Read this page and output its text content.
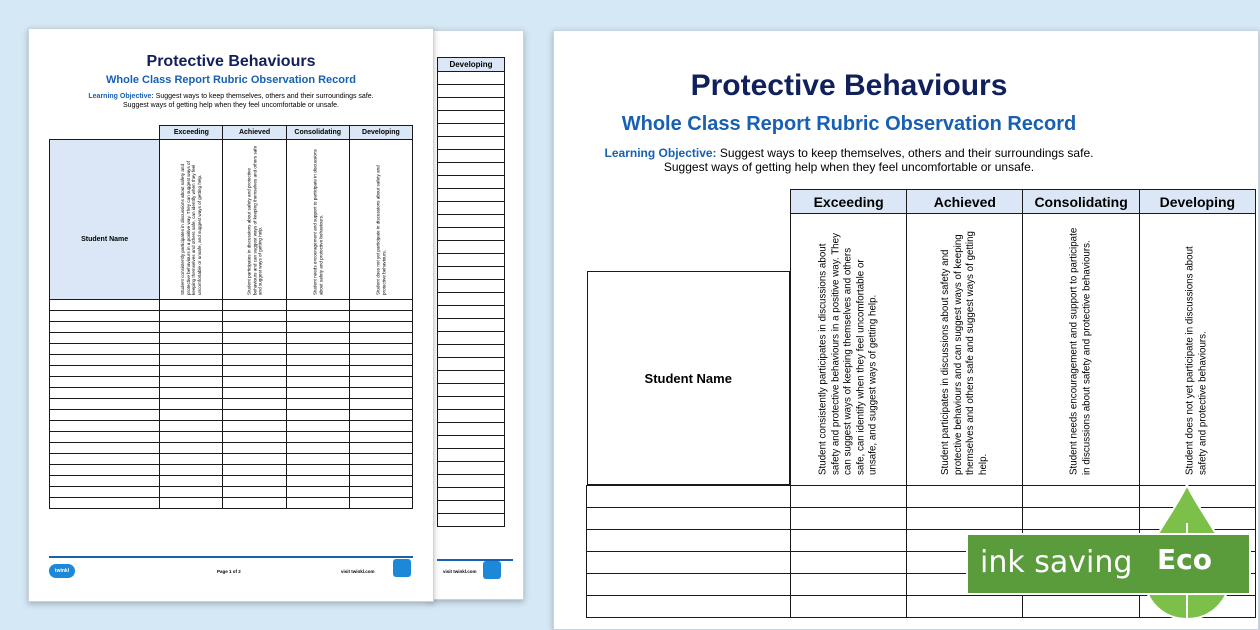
Developing

visit twinkl.com
Protective Behaviours
Whole Class Report Rubric Observation Record
Learning Objective: Suggest ways to keep themselves, others and their surroundings safe.
Suggest ways of getting help when they feel uncomfortable or unsafe.
	Exceeding	Achieved	Consolidating	Developing

Student Name	Student consistently participates in discussions about safety and protective behaviours in a positive way. They can suggest ways of keeping themselves and others safe, can identify when they feel uncomfortable or unsafe, and suggest ways of getting help.	Student participates in discussions about safety and protective behaviours and can suggest ways of keeping themselves and others safe and suggest ways of getting help.	Student needs encouragement and support to participate in discussions about safety and protective behaviours.	Student does not yet participate in discussions about safety and protective behaviours.

twinkl	Page 1 of 2	visit twinkl.com
Protective Behaviours
Whole Class Report Rubric Observation Record
Learning Objective: Suggest ways to keep themselves, others and their surroundings safe.
Suggest ways of getting help when they feel uncomfortable or unsafe.
	Exceeding	Achieved	Consolidating	Developing

Student Name	Student consistently participates in discussions about safety and protective behaviours in a positive way. They can suggest ways of keeping themselves and others safe, can identify when they feel uncomfortable or unsafe, and suggest ways of getting help.	Student participates in discussions about safety and protective behaviours and can suggest ways of keeping themselves and others safe and suggest ways of getting help.	Student needs encouragement and support to participate in discussions about safety and protective behaviours.	Student does not yet participate in discussions about safety and protective behaviours.

ink saving Eco
